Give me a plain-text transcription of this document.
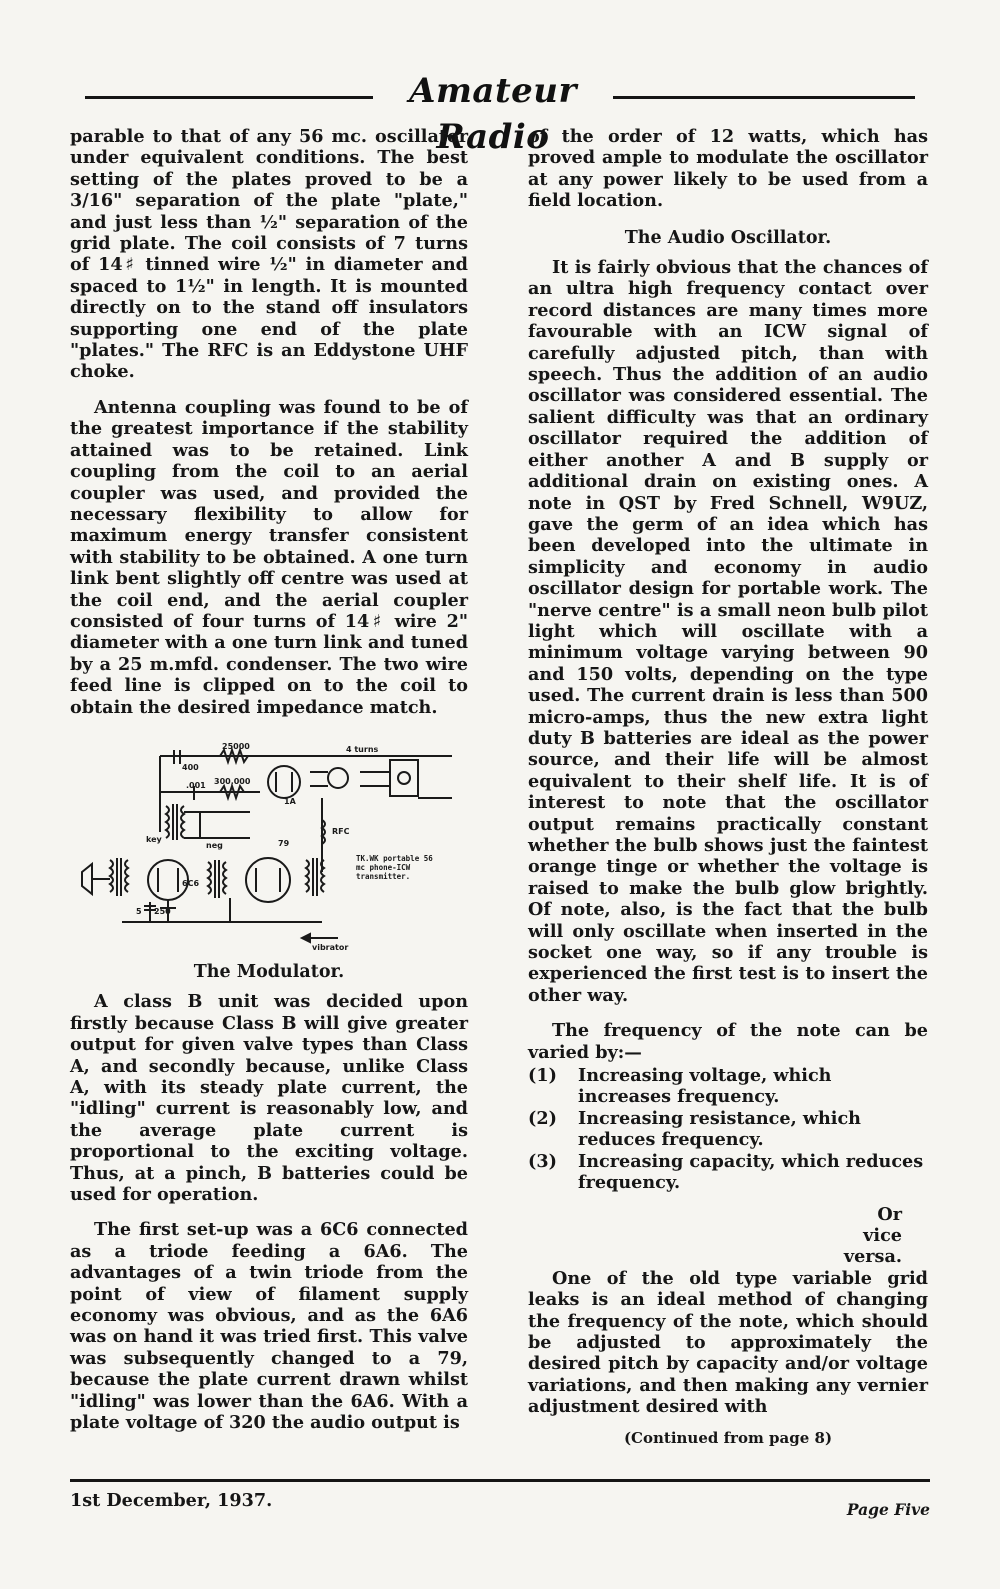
Amateur Radio

parable to that of any 56 mc. oscillator under equivalent conditions. The best setting of the plates proved to be a 3/16" separation of the plate "plate," and just less than ½" separation of the grid plate. The coil consists of 7 turns of 14♯ tinned wire ½" in diameter and spaced to 1½" in length. It is mounted directly on to the stand off insulators supporting one end of the plate "plates." The RFC is an Eddystone UHF choke.

Antenna coupling was found to be of the greatest importance if the stability attained was to be retained. Link coupling from the coil to an aerial coupler was used, and provided the necessary flexibility to allow for maximum energy transfer consistent with stability to be obtained. A one turn link bent slightly off centre was used at the coil end, and the aerial coupler consisted of four turns of 14♯ wire 2" diameter with a one turn link and tuned by a 25 m.mfd. condenser. The two wire feed line is clipped on to the coil to obtain the desired impedance match.

25000
400
4 turns
.001 300,000
1A
RFC
key
neg	79
6C6
250
5
vibrator
TK.WK portable 56 mc phone-ICW transmitter.
The Modulator.

A class B unit was decided upon firstly because Class B will give greater output for given valve types than Class A, and secondly because, unlike Class A, with its steady plate current, the "idling" current is reasonably low, and the average plate current is proportional to the exciting voltage. Thus, at a pinch, B batteries could be used for operation.

The first set-up was a 6C6 connected as a triode feeding a 6A6. The advantages of a twin triode from the point of view of filament supply economy was obvious, and as the 6A6 was on hand it was tried first. This valve was subsequently changed to a 79, because the plate current drawn whilst "idling" was lower than the 6A6. With a plate voltage of 320 the audio output is

of the order of 12 watts, which has proved ample to modulate the oscillator at any power likely to be used from a field location.

The Audio Oscillator.

It is fairly obvious that the chances of an ultra high frequency contact over record distances are many times more favourable with an ICW signal of carefully adjusted pitch, than with speech. Thus the addition of an audio oscillator was considered essential. The salient difficulty was that an ordinary oscillator required the addition of either another A and B supply or additional drain on existing ones. A note in QST by Fred Schnell, W9UZ, gave the germ of an idea which has been developed into the ultimate in simplicity and economy in audio oscillator design for portable work. The "nerve centre" is a small neon bulb pilot light which will oscillate with a minimum voltage varying between 90 and 150 volts, depending on the type used. The current drain is less than 500 micro-amps, thus the new extra light duty B batteries are ideal as the power source, and their life will be almost equivalent to their shelf life. It is of interest to note that the oscillator output remains practically constant whether the bulb shows just the faintest orange tinge or whether the voltage is raised to make the bulb glow brightly. Of note, also, is the fact that the bulb will only oscillate when inserted in the socket one way, so if any trouble is experienced the first test is to insert the other way.

The frequency of the note can be varied by:—

(1)	Increasing voltage, which increases frequency.
(2)	Increasing resistance, which reduces frequency.
(3)	Increasing capacity, which reduces frequency.
Or
vice
versa.

One of the old type variable grid leaks is an ideal method of changing the frequency of the note, which should be adjusted to approximately the desired pitch by capacity and/or voltage variations, and then making any vernier adjustment desired with

(Continued from page 8)
1st December, 1937.	Page Five
